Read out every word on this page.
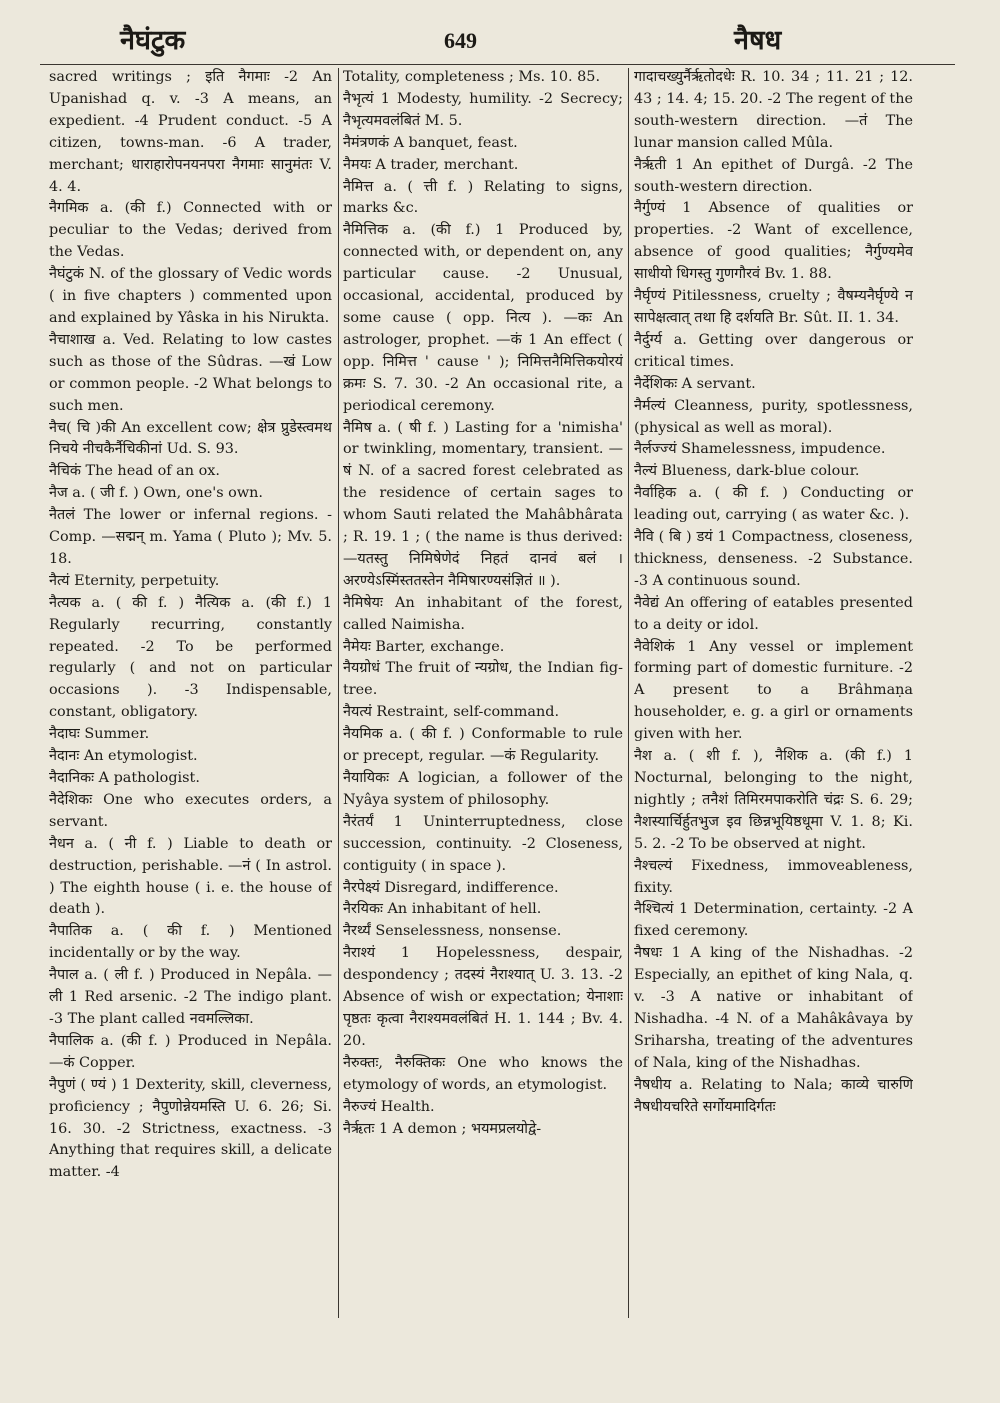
नैघंटुक	649	नैषध

sacred writings ; इति नैगमाः -2 An Upanishad q. v. -3 A means, an expedient. -4 Prudent conduct. -5 A citizen, towns-man. -6 A trader, merchant; धाराहारोपनयनपरा नैगमाः सानुमंतः V. 4. 4.

नैगमिक a. (की f.) Connected with or peculiar to the Vedas; derived from the Vedas.

नैघंटुकं N. of the glossary of Vedic words ( in five chapters ) commented upon and explained by Yâska in his Nirukta.

नैचाशाख a. Ved. Relating to low castes such as those of the Sûdras. —खं Low or common people. -2 What belongs to such men.

नैच( चि )की An excellent cow; क्षेत्र प्रुडेस्त्वमथ निचये नीचकैर्नैचिकीनां Ud. S. 93.

नैचिकं The head of an ox.

नैज a. ( जी f. ) Own, one's own.

नैतलं The lower or infernal regions. -Comp. —सद्मन् m. Yama ( Pluto ); Mv. 5. 18.

नैत्यं Eternity, perpetuity.

नैत्यक a. ( की f. ) नैत्यिक a. (की f.) 1 Regularly recurring, constantly repeated. -2 To be performed regularly ( and not on particular occasions ). -3 Indispensable, constant, obligatory.

नैदाघः Summer.

नैदानः An etymologist.

नैदानिकः A pathologist.

नैदेशिकः One who executes orders, a servant.

नैधन a. ( नी f. ) Liable to death or destruction, perishable. —नं ( In astrol. ) The eighth house ( i. e. the house of death ).

नैपातिक a. ( की f. ) Mentioned incidentally or by the way.

नैपाल a. ( ली f. ) Produced in Nepâla. —ली 1 Red arsenic. -2 The indigo plant. -3 The plant called नवमल्लिका.

नैपालिक a. (की f. ) Produced in Nepâla. —कं Copper.

नैपुणं ( ण्यं ) 1 Dexterity, skill, cleverness, proficiency ; नैपुणोन्नेयमस्ति U. 6. 26; Si. 16. 30. -2 Strictness, exactness. -3 Anything that requires skill, a delicate matter. -4

Totality, completeness ; Ms. 10. 85.

नैभृत्यं 1 Modesty, humility. -2 Secrecy; नैभृत्यमवलंबितं M. 5.

नैमंत्रणकं A banquet, feast.

नैमयः A trader, merchant.

नैमित्त a. ( त्ती f. ) Relating to signs, marks &c.

नैमित्तिक a. (की f.) 1 Produced by, connected with, or dependent on, any particular cause. -2 Unusual, occasional, accidental, produced by some cause ( opp. नित्य ). —कः An astrologer, prophet. —कं 1 An effect ( opp. निमित्त ' cause ' ); निमित्तनैमित्तिकयोरयं क्रमः S. 7. 30. -2 An occasional rite, a periodical ceremony.

नैमिष a. ( षी f. ) Lasting for a 'nimisha' or twinkling, momentary, transient. —षं N. of a sacred forest celebrated as the residence of certain sages to whom Sauti related the Mahâbhârata ; R. 19. 1 ; ( the name is thus derived:—यतस्तु निमिषेणेदं निहतं दानवं बलं । अरण्येऽस्मिंस्ततस्तेन नैमिषारण्यसंज्ञितं ॥ ).

नैमिषेयः An inhabitant of the forest, called Naimisha.

नैमेयः Barter, exchange.

नैयग्रोधं The fruit of न्यग्रोध, the Indian fig-tree.

नैयत्यं Restraint, self-command.

नैयमिक a. ( की f. ) Conformable to rule or precept, regular. —कं Regularity.

नैयायिकः A logician, a follower of the Nyâya system of philosophy.

नैरंतर्यं 1 Uninterruptedness, close succession, continuity. -2 Closeness, contiguity ( in space ).

नैरपेक्ष्यं Disregard, indifference.

नैरयिकः An inhabitant of hell.

नैरर्थ्यं Senselessness, nonsense.

नैराश्यं 1 Hopelessness, despair, despondency ; तदस्यं नैराश्यात् U. 3. 13. -2 Absence of wish or expectation; येनाशाः पृष्ठतः कृत्वा नैराश्यमवलंबितं H. 1. 144 ; Bv. 4. 20.

नैरुक्तः, नैरुक्तिकः One who knows the etymology of words, an etymologist.

नैरुज्यं Health.

नैर्ऋतः 1 A demon ; भयमप्रलयोद्वे-

गादाचख्युर्नैर्ऋतोदधेः R. 10. 34 ; 11. 21 ; 12. 43 ; 14. 4; 15. 20. -2 The regent of the south-western direction. —तं The lunar mansion called Mûla.

नैर्ऋती 1 An epithet of Durgâ. -2 The south-western direction.

नैर्गुण्यं 1 Absence of qualities or properties. -2 Want of excellence, absence of good qualities; नैर्गुण्यमेव साधीयो धिगस्तु गुणगौरवं Bv. 1. 88.

नैर्घृण्यं Pitilessness, cruelty ; वैषम्यनैर्घृण्ये न सापेक्षत्वात् तथा हि दर्शयति Br. Sût. II. 1. 34.

नैर्दुर्ग्य a. Getting over dangerous or critical times.

नैर्देशिकः A servant.

नैर्मल्यं Cleanness, purity, spotlessness, (physical as well as moral).

नैर्लज्ज्यं Shamelessness, impudence.

नैल्यं Blueness, dark-blue colour.

नैर्वाहिक a. ( की f. ) Conducting or leading out, carrying ( as water &c. ).

नैवि ( बि ) डयं 1 Compactness, closeness, thickness, denseness. -2 Substance. -3 A continuous sound.

नैवेद्यं An offering of eatables presented to a deity or idol.

नैवेशिकं 1 Any vessel or implement forming part of domestic furniture. -2 A present to a Brâhmaṇa householder, e. g. a girl or ornaments given with her.

नैश a. ( शी f. ), नैशिक a. (की f.) 1 Nocturnal, belonging to the night, nightly ; तनैशं तिमिरमपाकरोति चंद्रः S. 6. 29; नैशस्यार्चिर्हुतभुज इव छिन्नभूयिष्ठधूमा V. 1. 8; Ki. 5. 2. -2 To be observed at night.

नैश्चल्यं Fixedness, immoveableness, fixity.

नैश्चित्यं 1 Determination, certainty. -2 A fixed ceremony.

नैषधः 1 A king of the Nishadhas. -2 Especially, an epithet of king Nala, q. v. -3 A native or inhabitant of Nishadha. -4 N. of a Mahâkâvaya by Sriharsha, treating of the adventures of Nala, king of the Nishadhas.

नैषधीय a. Relating to Nala; काव्ये चारुणि नैषधीयचरिते सर्गोयमादिर्गतः
